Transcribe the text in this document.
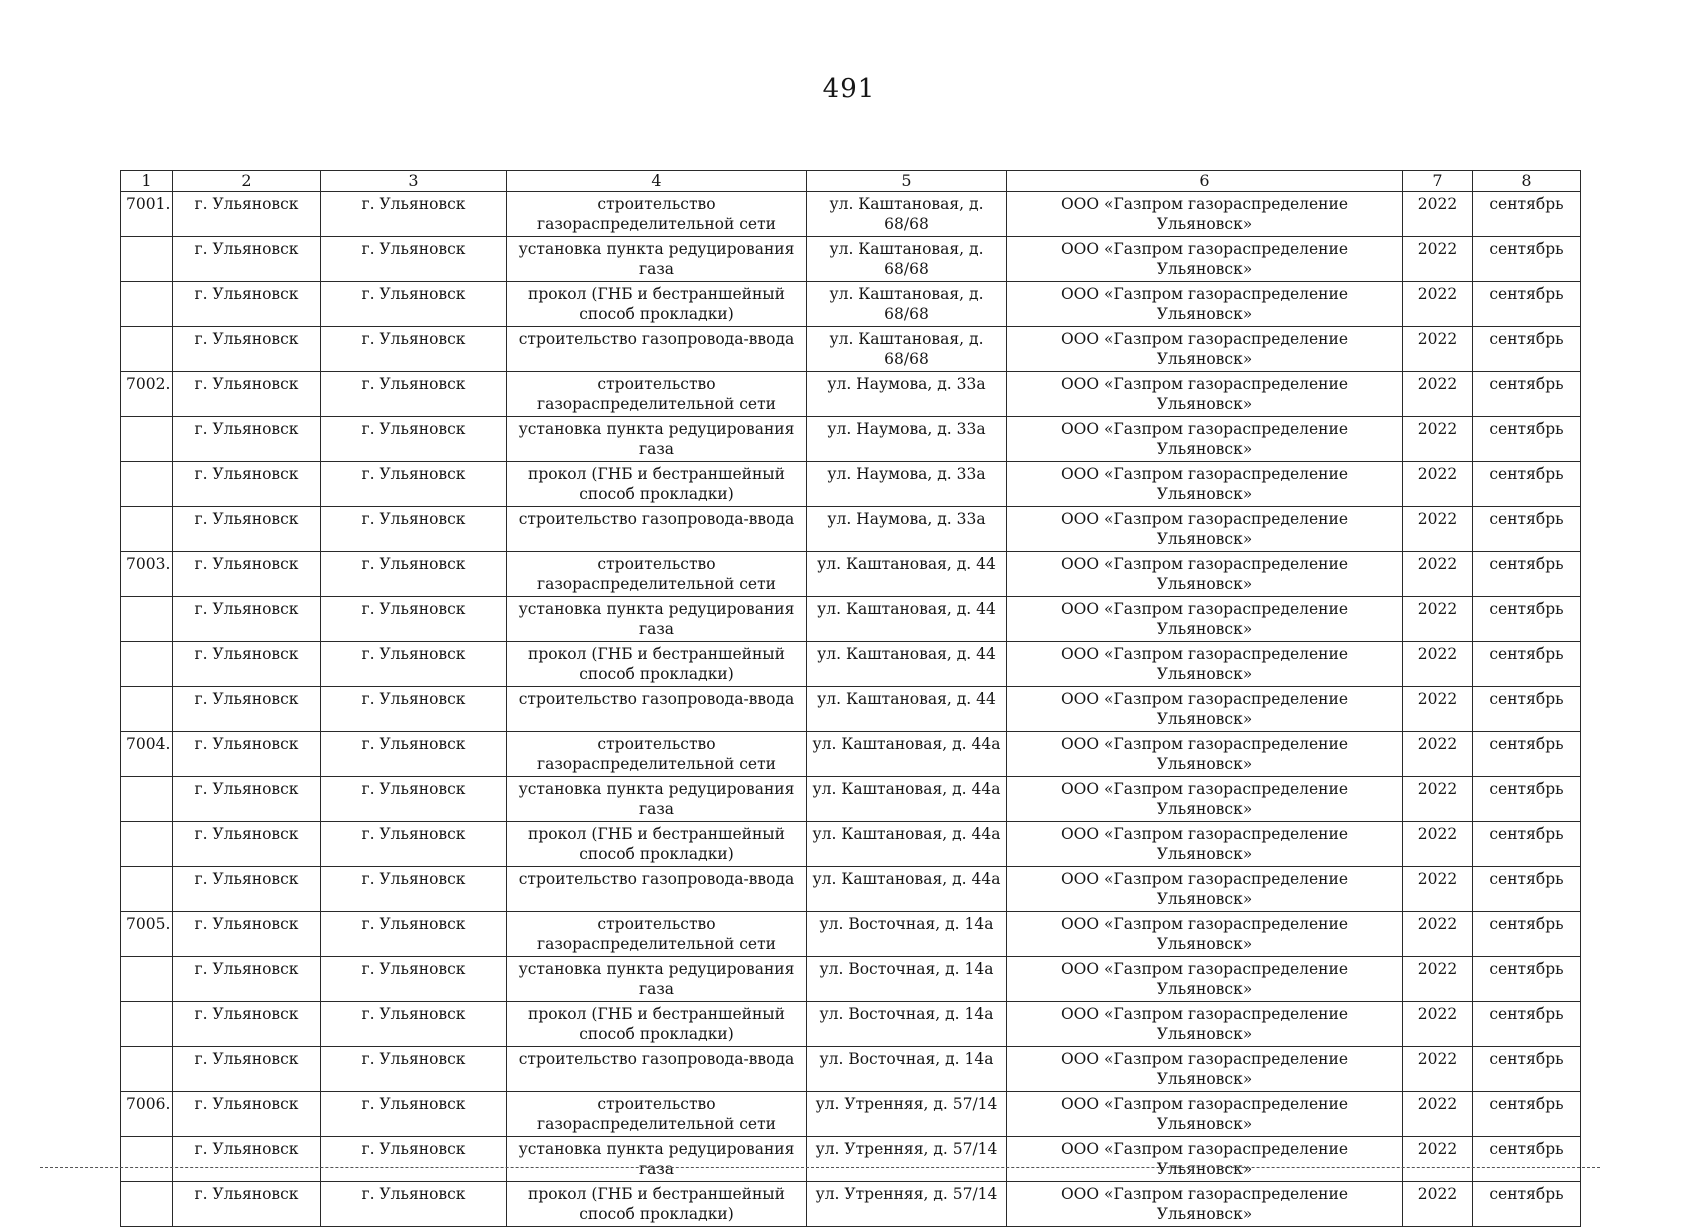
491
1	2	3	4	5	6	7	8
7001.	г. Ульяновск	г. Ульяновск	строительство газораспределительной сети	ул. Каштановая, д. 68/68	ООО «Газпром газораспределение Ульяновск»	2022	сентябрь
	г. Ульяновск	г. Ульяновск	установка пункта редуцирования газа	ул. Каштановая, д. 68/68	ООО «Газпром газораспределение Ульяновск»	2022	сентябрь
	г. Ульяновск	г. Ульяновск	прокол (ГНБ и бестраншейный способ прокладки)	ул. Каштановая, д. 68/68	ООО «Газпром газораспределение Ульяновск»	2022	сентябрь
	г. Ульяновск	г. Ульяновск	строительство газопровода-ввода	ул. Каштановая, д. 68/68	ООО «Газпром газораспределение Ульяновск»	2022	сентябрь
7002.	г. Ульяновск	г. Ульяновск	строительство газораспределительной сети	ул. Наумова, д. 33а	ООО «Газпром газораспределение Ульяновск»	2022	сентябрь
	г. Ульяновск	г. Ульяновск	установка пункта редуцирования газа	ул. Наумова, д. 33а	ООО «Газпром газораспределение Ульяновск»	2022	сентябрь
	г. Ульяновск	г. Ульяновск	прокол (ГНБ и бестраншейный способ прокладки)	ул. Наумова, д. 33а	ООО «Газпром газораспределение Ульяновск»	2022	сентябрь
	г. Ульяновск	г. Ульяновск	строительство газопровода-ввода	ул. Наумова, д. 33а	ООО «Газпром газораспределение Ульяновск»	2022	сентябрь
7003.	г. Ульяновск	г. Ульяновск	строительство газораспределительной сети	ул. Каштановая, д. 44	ООО «Газпром газораспределение Ульяновск»	2022	сентябрь
	г. Ульяновск	г. Ульяновск	установка пункта редуцирования газа	ул. Каштановая, д. 44	ООО «Газпром газораспределение Ульяновск»	2022	сентябрь
	г. Ульяновск	г. Ульяновск	прокол (ГНБ и бестраншейный способ прокладки)	ул. Каштановая, д. 44	ООО «Газпром газораспределение Ульяновск»	2022	сентябрь
	г. Ульяновск	г. Ульяновск	строительство газопровода-ввода	ул. Каштановая, д. 44	ООО «Газпром газораспределение Ульяновск»	2022	сентябрь
7004.	г. Ульяновск	г. Ульяновск	строительство газораспределительной сети	ул. Каштановая, д. 44а	ООО «Газпром газораспределение Ульяновск»	2022	сентябрь
	г. Ульяновск	г. Ульяновск	установка пункта редуцирования газа	ул. Каштановая, д. 44а	ООО «Газпром газораспределение Ульяновск»	2022	сентябрь
	г. Ульяновск	г. Ульяновск	прокол (ГНБ и бестраншейный способ прокладки)	ул. Каштановая, д. 44а	ООО «Газпром газораспределение Ульяновск»	2022	сентябрь
	г. Ульяновск	г. Ульяновск	строительство газопровода-ввода	ул. Каштановая, д. 44а	ООО «Газпром газораспределение Ульяновск»	2022	сентябрь
7005.	г. Ульяновск	г. Ульяновск	строительство газораспределительной сети	ул. Восточная, д. 14а	ООО «Газпром газораспределение Ульяновск»	2022	сентябрь
	г. Ульяновск	г. Ульяновск	установка пункта редуцирования газа	ул. Восточная, д. 14а	ООО «Газпром газораспределение Ульяновск»	2022	сентябрь
	г. Ульяновск	г. Ульяновск	прокол (ГНБ и бестраншейный способ прокладки)	ул. Восточная, д. 14а	ООО «Газпром газораспределение Ульяновск»	2022	сентябрь
	г. Ульяновск	г. Ульяновск	строительство газопровода-ввода	ул. Восточная, д. 14а	ООО «Газпром газораспределение Ульяновск»	2022	сентябрь
7006.	г. Ульяновск	г. Ульяновск	строительство газораспределительной сети	ул. Утренняя, д. 57/14	ООО «Газпром газораспределение Ульяновск»	2022	сентябрь
	г. Ульяновск	г. Ульяновск	установка пункта редуцирования газа	ул. Утренняя, д. 57/14	ООО «Газпром газораспределение Ульяновск»	2022	сентябрь
	г. Ульяновск	г. Ульяновск	прокол (ГНБ и бестраншейный способ прокладки)	ул. Утренняя, д. 57/14	ООО «Газпром газораспределение Ульяновск»	2022	сентябрь
